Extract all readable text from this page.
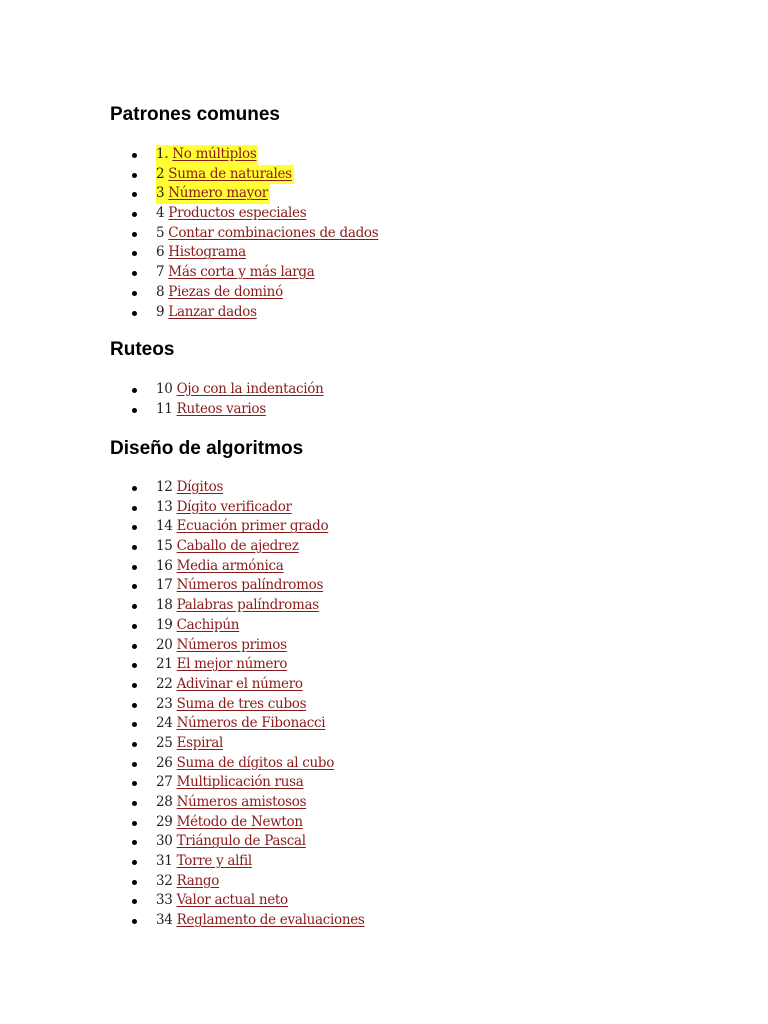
Patrones comunes
1. No múltiplos
2 Suma de naturales
3 Número mayor
4 Productos especiales
5 Contar combinaciones de dados
6 Histograma
7 Más corta y más larga
8 Piezas de dominó
9 Lanzar dados
Ruteos
10 Ojo con la indentación
11 Ruteos varios
Diseño de algoritmos
12 Dígitos
13 Dígito verificador
14 Ecuación primer grado
15 Caballo de ajedrez
16 Media armónica
17 Números palíndromos
18 Palabras palíndromas
19 Cachipún
20 Números primos
21 El mejor número
22 Adivinar el número
23 Suma de tres cubos
24 Números de Fibonacci
25 Espiral
26 Suma de dígitos al cubo
27 Multiplicación rusa
28 Números amistosos
29 Método de Newton
30 Triángulo de Pascal
31 Torre y alfil
32 Rango
33 Valor actual neto
34 Reglamento de evaluaciones
